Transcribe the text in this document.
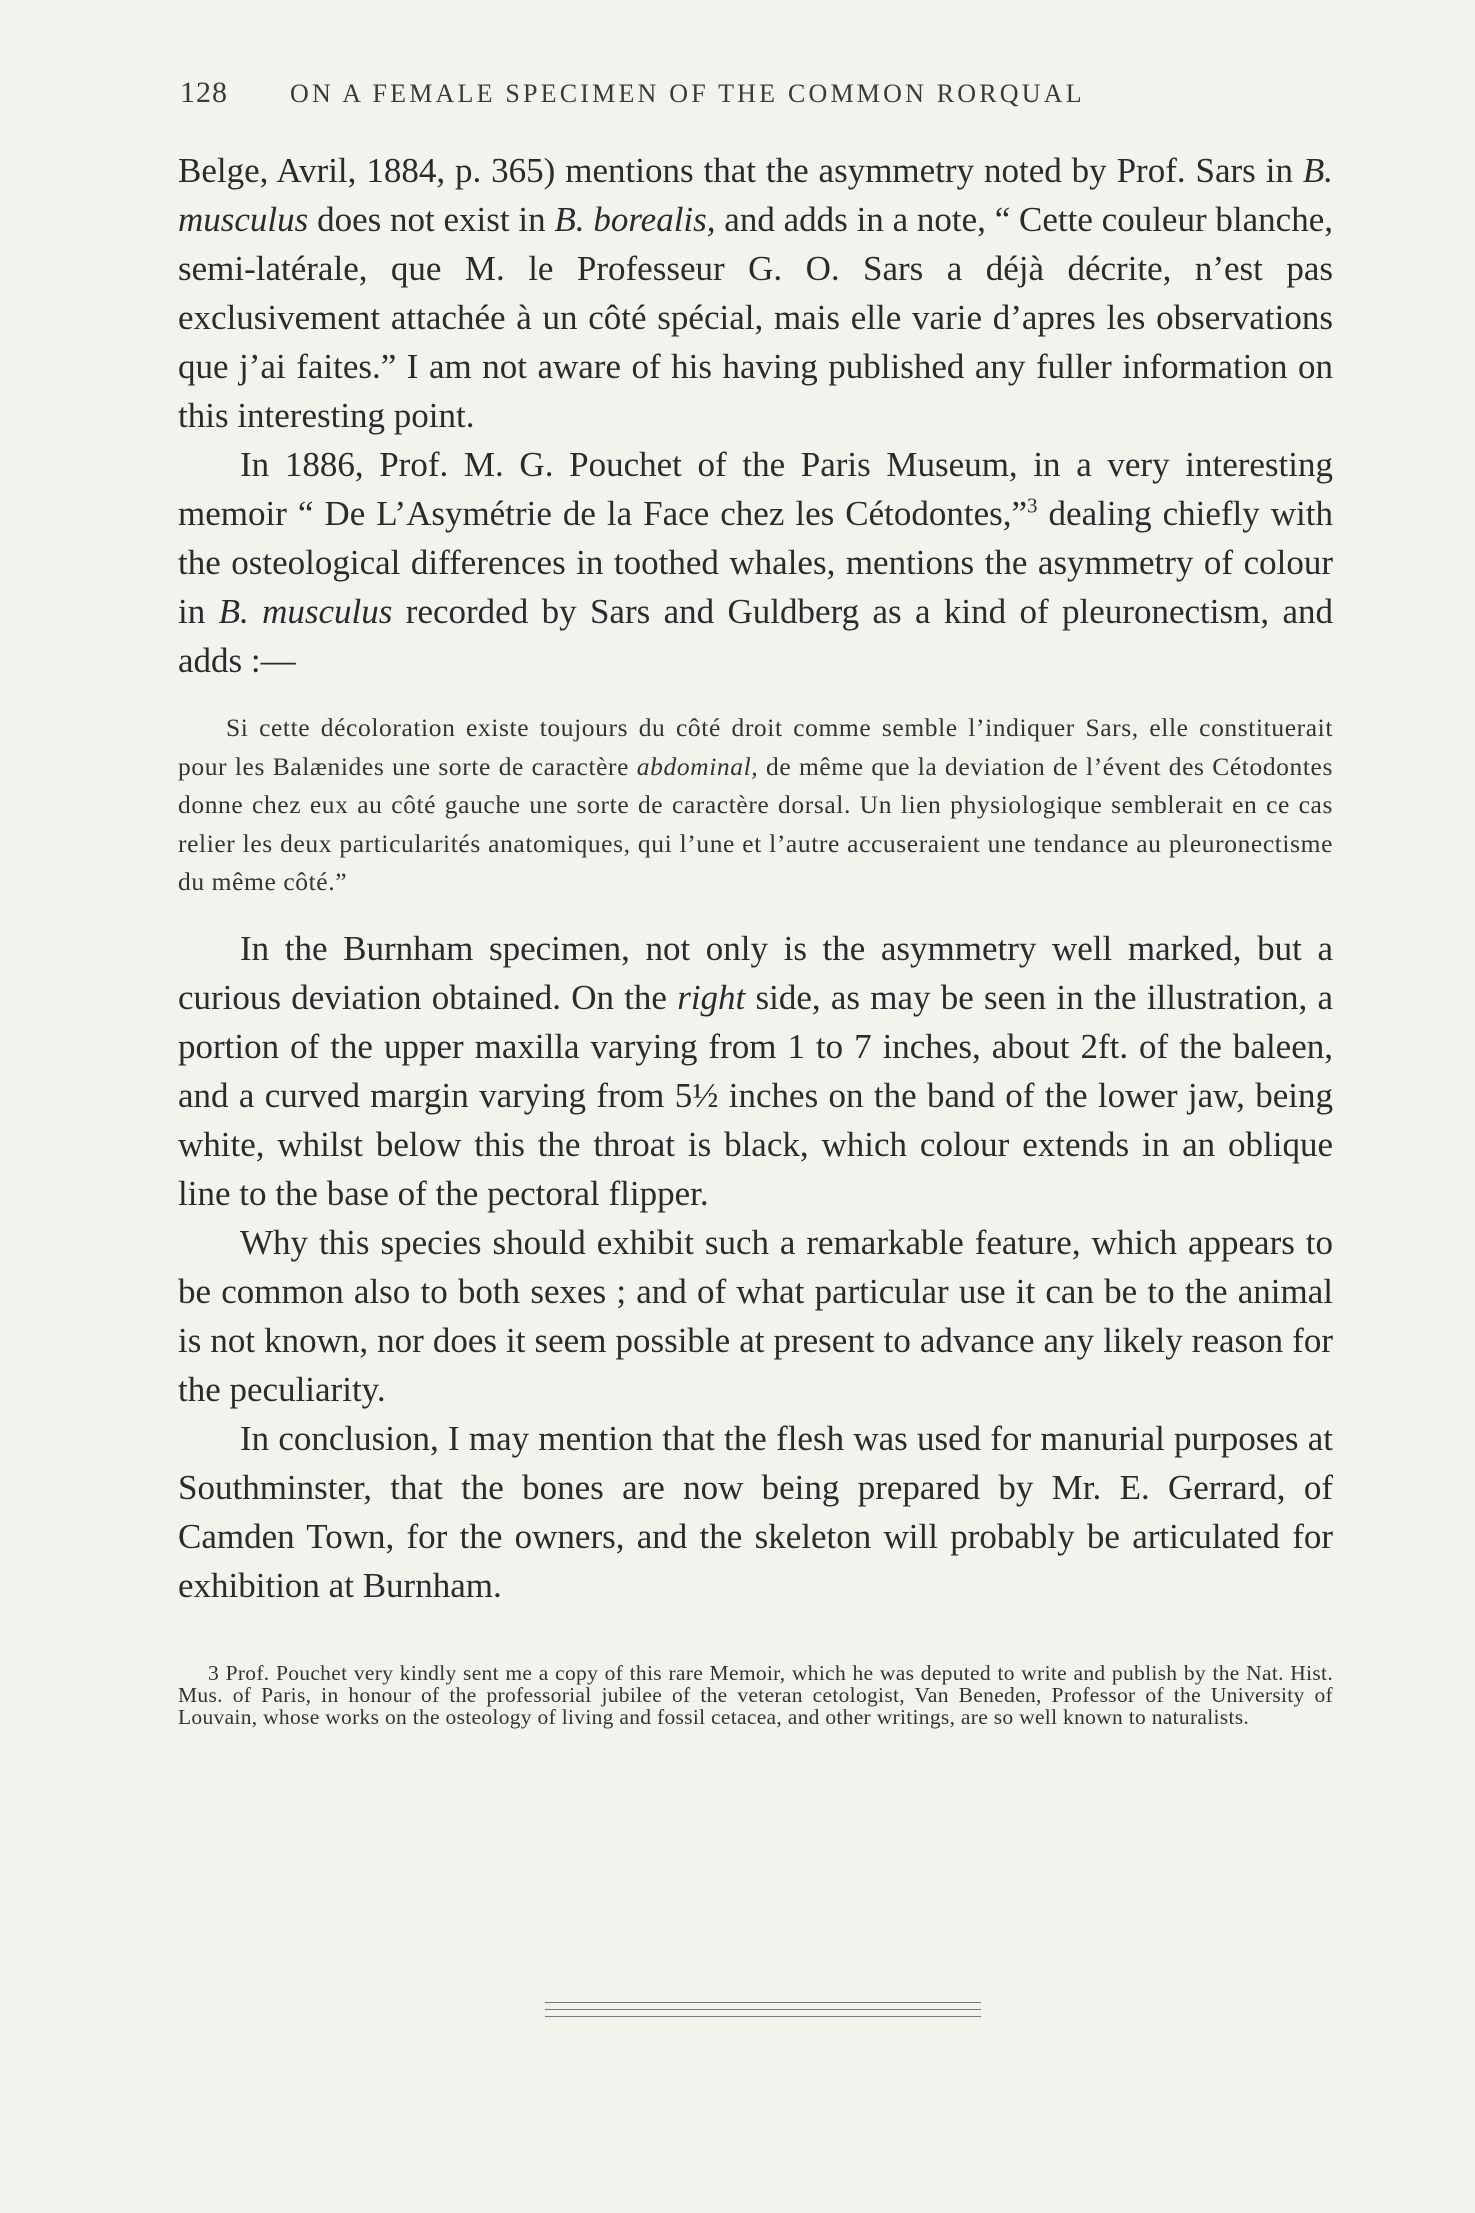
128 ON A FEMALE SPECIMEN OF THE COMMON RORQUAL

Belge, Avril, 1884, p. 365) mentions that the asymmetry noted by Prof. Sars in B. musculus does not exist in B. borealis, and adds in a note, “ Cette couleur blanche, semi-latérale, que M. le Professeur G. O. Sars a déjà décrite, n’est pas exclusivement attachée à un côté spécial, mais elle varie d’apres les observations que j’ai faites.” I am not aware of his having published any fuller information on this interesting point.

In 1886, Prof. M. G. Pouchet of the Paris Museum, in a very interesting memoir “ De L’Asymétrie de la Face chez les Cétodontes,”$^3$ dealing chiefly with the osteological differences in toothed whales, mentions the asymmetry of colour in B. musculus recorded by Sars and Guldberg as a kind of pleuronectism, and adds :—

Si cette décoloration existe toujours du côté droit comme semble l’indiquer Sars, elle constituerait pour les Balænides une sorte de caractère abdominal, de même que la deviation de l’évent des Cétodontes donne chez eux au côté gauche une sorte de caractère dorsal. Un lien physiologique semblerait en ce cas relier les deux particularités anatomiques, qui l’une et l’autre accuseraient une tendance au pleuronectisme du même côté.”

In the Burnham specimen, not only is the asymmetry well marked, but a curious deviation obtained. On the right side, as may be seen in the illustration, a portion of the upper maxilla varying from 1 to 7 inches, about 2ft. of the baleen, and a curved margin varying from 5½ inches on the band of the lower jaw, being white, whilst below this the throat is black, which colour extends in an oblique line to the base of the pectoral flipper.

Why this species should exhibit such a remarkable feature, which appears to be common also to both sexes ; and of what particular use it can be to the animal is not known, nor does it seem possible at present to advance any likely reason for the peculiarity.

In conclusion, I may mention that the flesh was used for manurial purposes at Southminster, that the bones are now being prepared by Mr. E. Gerrard, of Camden Town, for the owners, and the skeleton will probably be articulated for exhibition at Burnham.

3 Prof. Pouchet very kindly sent me a copy of this rare Memoir, which he was deputed to write and publish by the Nat. Hist. Mus. of Paris, in honour of the professorial jubilee of the veteran cetologist, Van Beneden, Professor of the University of Louvain, whose works on the osteology of living and fossil cetacea, and other writings, are so well known to naturalists.
